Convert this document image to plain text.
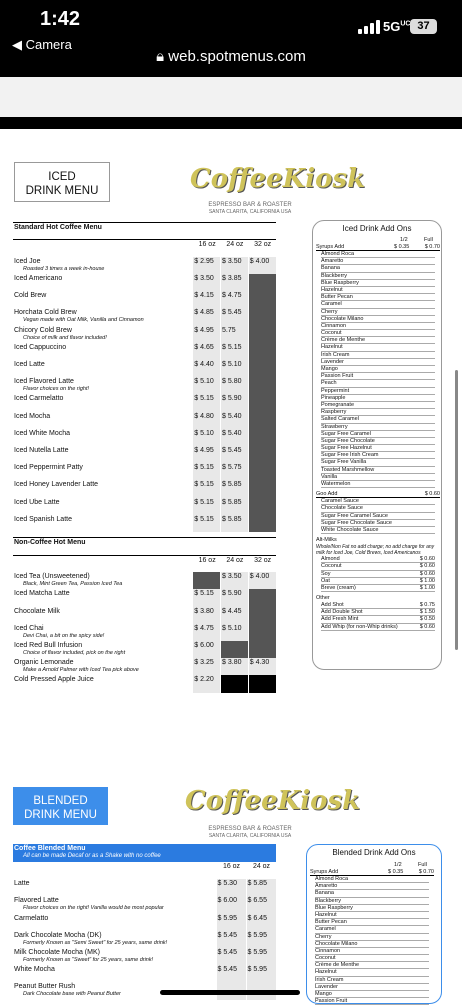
1:42
◀ Camera
$5G^{UC}$ 37
🔒︎ web.spotmenus.com
ICED
DRINK MENU	CoffeeKiosk
ESPRESSO BAR & ROASTER
SANTA CLARITA, CALIFORNIA USA
Standard Hot Coffee Menu			
	16 oz	24 oz	32 oz
Iced Joe
Roasted 3 times a week in-house	$ 2.95	$ 3.50	$ 4.00
Iced Americano	$ 3.50	$ 3.85	
Cold Brew	$ 4.15	$ 4.75	
Horchata Cold Brew
Vegan made with Oat Milk, Vanilla and Cinnamon	$ 4.85	$ 5.45	
Chicory Cold Brew
Choice of milk and flavor included!	$ 4.95	5.75	
Iced Cappuccino	$ 4.65	$ 5.15	
Iced Latte	$ 4.40	$ 5.10	
Iced Flavored Latte
Flavor choices on the right!	$ 5.10	$ 5.80	
Iced Carmelatto	$ 5.15	$ 5.90	
Iced Mocha	$ 4.80	$ 5.40	
Iced White Mocha	$ 5.10	$ 5.40	
Iced Nutella Latte	$ 4.95	$ 5.45	
Iced Peppermint Patty	$ 5.15	$ 5.75	
Iced Honey Lavender Latte	$ 5.15	$ 5.85	
Iced Ube Latte	$ 5.15	$ 5.85	
Iced Spanish Latte	$ 5.15	$ 5.85	

Non-Coffee Hot Menu			
	16 oz	24 oz	32 oz
Iced Tea (Unsweetened)
Black, Mint Green Tea, Passion Iced Tea		$ 3.50	$ 4.00
Iced Matcha Latte	$ 5.15	$ 5.90	
Chocolate Milk	$ 3.80	$ 4.45	
Iced Chai
Devi Chai, a bit on the spicy side!	$ 4.75	$ 5.10	
Iced Red Bull Infusion
Choice of flavor included, pick on the right	$ 6.00		
Organic Lemonade
Make a Arnold Palmer with Iced Tea pick above	$ 3.25	$ 3.80	$ 4.30
Cold Pressed Apple Juice	$ 2.20		
Iced Drink Add Ons
1/2	Full
Syrups Add	$ 0.35	$ 0.70
Almond Roca
Amaretto
Banana
Blackberry
Blue Raspberry
Hazelnut
Butter Pecan
Caramel
Cherry
Chocolate Milano
Cinnamon
Coconut
Crème de Menthe
Hazelnut
Irish Cream
Lavender
Mango
Passion Fruit
Peach
Peppermint
Pineapple
Pomegranate
Raspberry
Salted Caramel
Strawberry
Sugar Free Caramel
Sugar Free Chocolate
Sugar Free Hazelnut
Sugar Free Irish Cream
Sugar Free Vanilla
Toasted Marshmellow
Vanilla
Watermelon
Goo Add	$ 0.60
Caramel Sauce
Chocolate Sauce
Sugar Free Caramel Sauce
Sugar Free Chocolate Sauce
White Chocolate Sauce
Alt-Milks
Whole/Non Fat no add charge; no add charge for any milk for Iced Joe, Cold Brews, Iced Americanos
Almond	$ 0.60
Coconut	$ 0.60
Soy	$ 0.60
Oat	$ 1.00
Breve (cream)	$ 1.00
Other
Add Shot	$ 0.75
Add Double Shot	$ 1.50
Add Fresh Mint	$ 0.50
Add Whip (for non-Whip drinks)	$ 0.60
BLENDED
DRINK MENU	CoffeeKiosk
ESPRESSO BAR & ROASTER
SANTA CLARITA, CALIFORNIA USA
Coffee Blended Menu
All can be made Decaf or as a Shake with no coffee		

	16 oz	24 oz
Latte	$ 5.30	$ 5.85
Flavored Latte
Flavor choices on the right! Vanilla would be most popular	$ 6.00	$ 6.55
Carmelatto	$ 5.95	$ 6.45
Dark Chocolate Mocha (DK)
Formerly Known as "Semi Sweet" for 25 years, same drink!	$ 5.45	$ 5.95
Milk Chocolate Mocha (MK)
Formerly Known as "Sweet" for 25 years, same drink!	$ 5.45	$ 5.95
White Mocha	$ 5.45	$ 5.95
Peanut Butter Rush
Dark Chocolate base with Peanut Butter		

Blended Drink Add Ons
1/2	Full
Syrups Add	$ 0.35	$ 0.70
Almond Roca
Amaretto
Banana
Blackberry
Blue Raspberry
Hazelnut
Butter Pecan
Caramel
Cherry
Chocolate Milano
Cinnamon
Coconut
Crème de Menthe
Hazelnut
Irish Cream
Lavender
Mango
Passion Fruit
